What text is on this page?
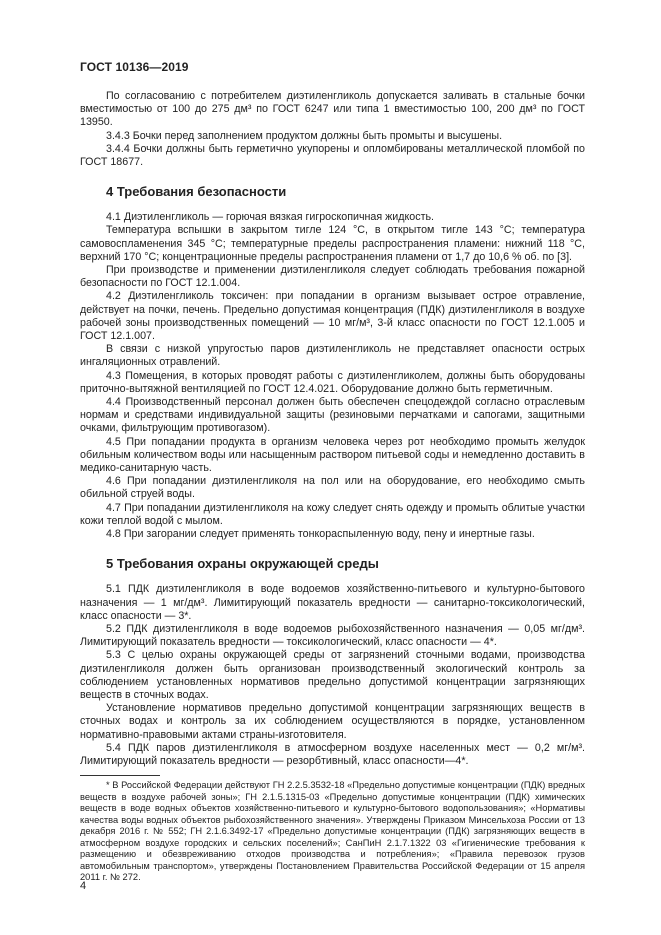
ГОСТ 10136—2019

По согласованию с потребителем диэтиленгликоль допускается заливать в стальные бочки вместимостью от 100 до 275 дм³ по ГОСТ 6247 или типа 1 вместимостью 100, 200 дм³ по ГОСТ 13950.

3.4.3 Бочки перед заполнением продуктом должны быть промыты и высушены.

3.4.4 Бочки должны быть герметично укупорены и опломбированы металлической пломбой по ГОСТ 18677.

4 Требования безопасности

4.1 Диэтиленгликоль — горючая вязкая гигроскопичная жидкость.

Температура вспышки в закрытом тигле 124 °С, в открытом тигле 143 °С; температура самовоспламенения 345 °С; температурные пределы распространения пламени: нижний 118 °С, верхний 170 °С; концентрационные пределы распространения пламени от 1,7 до 10,6 % об. по [3].

При производстве и применении диэтиленгликоля следует соблюдать требования пожарной безопасности по ГОСТ 12.1.004.

4.2 Диэтиленгликоль токсичен: при попадании в организм вызывает острое отравление, действует на почки, печень. Предельно допустимая концентрация (ПДК) диэтиленгликоля в воздухе рабочей зоны производственных помещений — 10 мг/м³, 3-й класс опасности по ГОСТ 12.1.005 и ГОСТ 12.1.007.

В связи с низкой упругостью паров диэтиленгликоль не представляет опасности острых ингаляционных отравлений.

4.3 Помещения, в которых проводят работы с диэтиленгликолем, должны быть оборудованы приточно-вытяжной вентиляцией по ГОСТ 12.4.021. Оборудование должно быть герметичным.

4.4 Производственный персонал должен быть обеспечен спецодеждой согласно отраслевым нормам и средствами индивидуальной защиты (резиновыми перчатками и сапогами, защитными очками, фильтрующим противогазом).

4.5 При попадании продукта в организм человека через рот необходимо промыть желудок обильным количеством воды или насыщенным раствором питьевой соды и немедленно доставить в медико-санитарную часть.

4.6 При попадании диэтиленгликоля на пол или на оборудование, его необходимо смыть обильной струей воды.

4.7 При попадании диэтиленгликоля на кожу следует снять одежду и промыть облитые участки кожи теплой водой с мылом.

4.8 При загорании следует применять тонкораспыленную воду, пену и инертные газы.

5 Требования охраны окружающей среды

5.1 ПДК диэтиленгликоля в воде водоемов хозяйственно-питьевого и культурно-бытового назначения — 1 мг/дм³. Лимитирующий показатель вредности — санитарно-токсикологический, класс опасности — 3*.

5.2 ПДК диэтиленгликоля в воде водоемов рыбохозяйственного назначения — 0,05 мг/дм³. Лимитирующий показатель вредности — токсикологический, класс опасности — 4*.

5.3 С целью охраны окружающей среды от загрязнений сточными водами, производства диэтиленгликоля должен быть организован производственный экологический контроль за соблюдением установленных нормативов предельно допустимой концентрации загрязняющих веществ в сточных водах.

Установление нормативов предельно допустимой концентрации загрязняющих веществ в сточных водах и контроль за их соблюдением осуществляются в порядке, установленном нормативно-правовыми актами страны-изготовителя.

5.4 ПДК паров диэтиленгликоля в атмосферном воздухе населенных мест — 0,2 мг/м³. Лимитирующий показатель вредности — резорбтивный, класс опасности—4*.

* В Российской Федерации действуют ГН 2.2.5.3532-18 «Предельно допустимые концентрации (ПДК) вредных веществ в воздухе рабочей зоны»; ГН 2.1.5.1315-03 «Предельно допустимые концентрации (ПДК) химических веществ в воде водных объектов хозяйственно-питьевого и культурно-бытового водопользования»; «Нормативы качества воды водных объектов рыбохозяйственного значения». Утверждены Приказом Минсельхоза России от 13 декабря 2016 г. № 552; ГН 2.1.6.3492-17 «Предельно допустимые концентрации (ПДК) загрязняющих веществ в атмосферном воздухе городских и сельских поселений»; СанПиН 2.1.7.1322 03 «Гигиенические требования к размещению и обезвреживанию отходов производства и потребления»; «Правила перевозок грузов автомобильным транспортом», утверждены Постановлением Правительства Российской Федерации от 15 апреля 2011 г. № 272.

4
